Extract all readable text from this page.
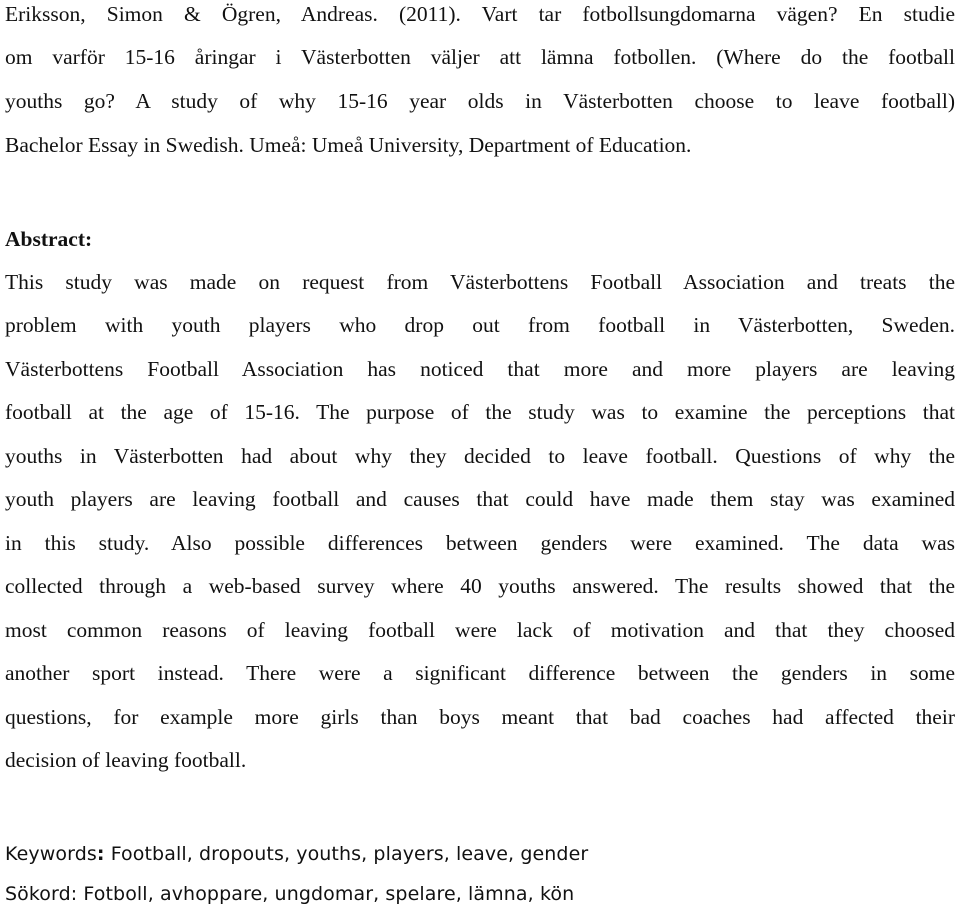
Eriksson, Simon & Ögren, Andreas. (2011). Vart tar fotbollsungdomarna vägen? En studie
om varför 15-16 åringar i Västerbotten väljer att lämna fotbollen. (Where do the football
youths go? A study of why 15-16 year olds in Västerbotten choose to leave football)
Bachelor Essay in Swedish. Umeå: Umeå University, Department of Education.
Abstract:
This study was made on request from Västerbottens Football Association and treats the
problem with youth players who drop out from football in Västerbotten, Sweden.
Västerbottens Football Association has noticed that more and more players are leaving
football at the age of 15-16. The purpose of the study was to examine the perceptions that
youths in Västerbotten had about why they decided to leave football. Questions of why the
youth players are leaving football and causes that could have made them stay was examined
in this study. Also possible differences between genders were examined. The data was
collected through a web-based survey where 40 youths answered. The results showed that the
most common reasons of leaving football were lack of motivation and that they choosed
another sport instead. There were a significant difference between the genders in some
questions, for example more girls than boys meant that bad coaches had affected their
decision of leaving football.
Keywords: Football, dropouts, youths, players, leave, gender
Sökord: Fotboll, avhoppare, ungdomar, spelare, lämna, kön
